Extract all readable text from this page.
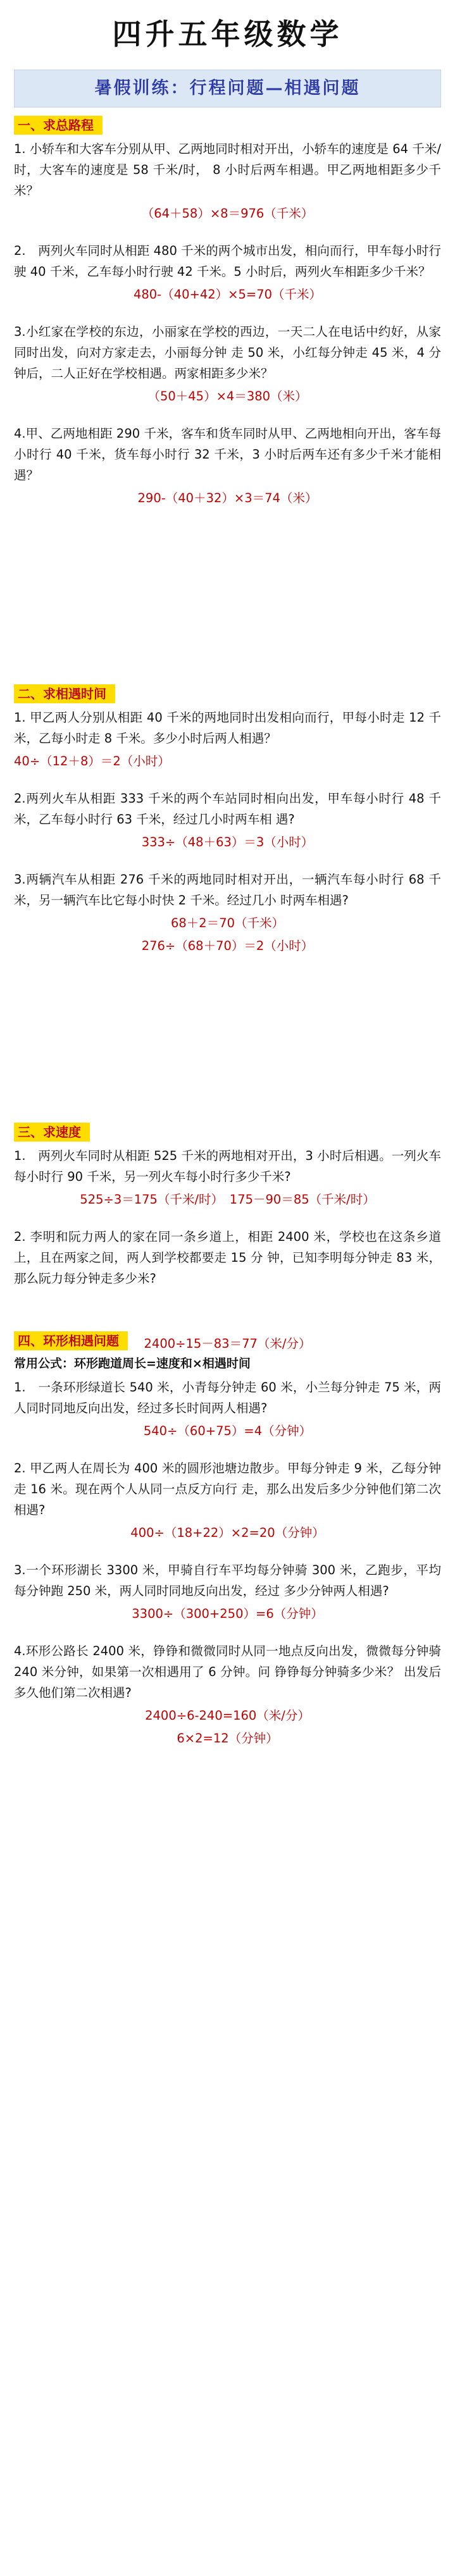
四升五年级数学
暑假训练：行程问题—相遇问题
一、求总路程
1. 小轿车和大客车分别从甲、乙两地同时相对开出，小轿车的速度是 64 千米/时，大客车的速度是 58 千米/时， 8 小时后两车相遇。甲乙两地相距多少千米？
（64＋58）×8＝976（千米）
2.　两列火车同时从相距 480 千米的两个城市出发，相向而行，甲车每小时行驶 40 千米，乙车每小时行驶 42 千米。5 小时后，两列火车相距多少千米？
480-（40+42）×5=70（千米）
3.小红家在学校的东边，小丽家在学校的西边，一天二人在电话中约好，从家同时出发，向对方家走去，小丽每分钟 走 50 米，小红每分钟走 45 米，4 分钟后，二人正好在学校相遇。两家相距多少米？
（50＋45）×4＝380（米）
4.甲、乙两地相距 290 千米，客车和货车同时从甲、乙两地相向开出，客车每小时行 40 千米，货车每小时行 32 千米，3 小时后两车还有多少千米才能相遇？
290-（40＋32）×3＝74（米）
二、求相遇时间
1. 甲乙两人分别从相距 40 千米的两地同时出发相向而行，甲每小时走 12 千米，乙每小时走 8 千米。多少小时后两人相遇？
40÷（12＋8）＝2（小时）
2.两列火车从相距 333 千米的两个车站同时相向出发，甲车每小时行 48 千米，乙车每小时行 63 千米，经过几小时两车相 遇?
333÷（48＋63）＝3（小时）
3.两辆汽车从相距 276 千米的两地同时相对开出，一辆汽车每小时行 68 千米，另一辆汽车比它每小时快 2 千米。经过几小 时两车相遇?
68＋2＝70（千米）
276÷（68＋70）＝2（小时）
三、求速度
1.　两列火车同时从相距 525 千米的两地相对开出，3 小时后相遇。一列火车每小时行 90 千米，另一列火车每小时行多少千米?
525÷3＝175（千米/时）　175－90＝85（千米/时）
2. 李明和阮力两人的家在同一条乡道上，相距 2400 米，学校也在这条乡道上，且在两家之间，两人到学校都要走 15 分 钟，已知李明每分钟走 83 米，那么阮力每分钟走多少米?
2400÷15－83＝77（米/分）
四、环形相遇问题
常用公式：环形跑道周长=速度和×相遇时间
1.　一条环形绿道长 540 米，小青每分钟走 60 米，小兰每分钟走 75 米，两人同时同地反向出发，经过多长时间两人相遇?
540÷（60+75）=4（分钟）
2. 甲乙两人在周长为 400 米的圆形池塘边散步。甲每分钟走 9 米，乙每分钟走 16 米。现在两个人从同一点反方向行 走，那么出发后多少分钟他们第二次相遇?
400÷（18+22）×2=20（分钟）
3.一个环形湖长 3300 米，甲骑自行车平均每分钟骑 300 米，乙跑步，平均每分钟跑 250 米，两人同时同地反向出发，经过 多少分钟两人相遇?
3300÷（300+250）=6（分钟）
4.环形公路长 2400 米，铮铮和微微同时从同一地点反向出发，微微每分钟骑 240 米分钟，如果第一次相遇用了 6 分钟。问 铮铮每分钟骑多少米？ 出发后多久他们第二次相遇?
2400÷6-240=160（米/分）
6×2=12（分钟）
